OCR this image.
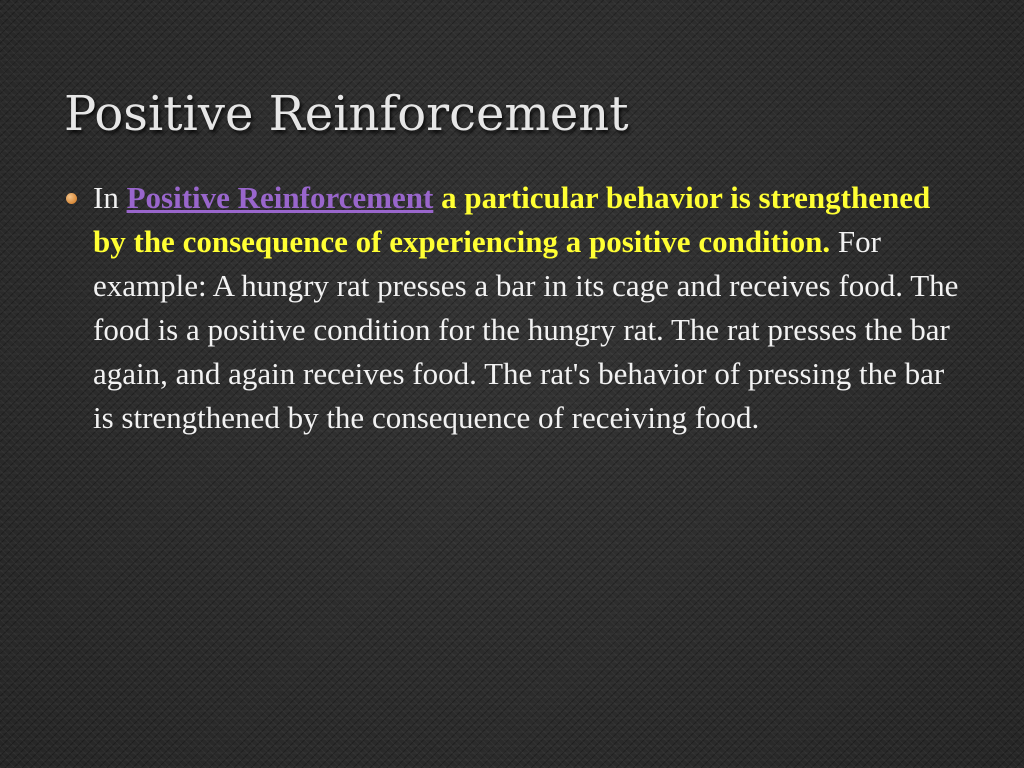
Positive Reinforcement

In Positive Reinforcement a particular behavior is strengthened by the consequence of experiencing a positive condition. For example: A hungry rat presses a bar in its cage and receives food. The food is a positive condition for the hungry rat. The rat presses the bar again, and again receives food. The rat's behavior of pressing the bar is strengthened by the consequence of receiving food.
